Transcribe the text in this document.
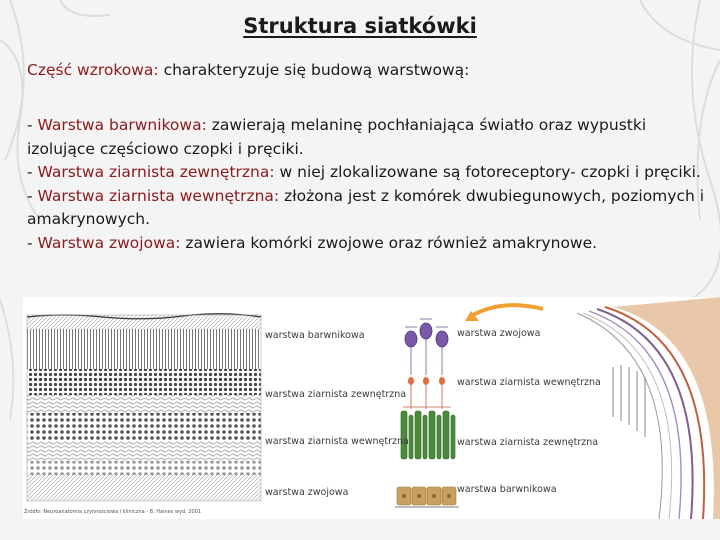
Struktura siatkówki
Część wzrokowa: charakteryzuje się budową warstwową:

- Warstwa barwnikowa: zawierają melaninę pochłaniająca światło oraz wypustki izolujące częściowo czopki i pręciki.

- Warstwa ziarnista zewnętrzna: w niej zlokalizowane są fotoreceptory- czopki i pręciki.

- Warstwa ziarnista wewnętrzna: złożona jest z komórek dwubiegunowych, poziomych i amakrynowych.

- Warstwa zwojowa: zawiera komórki zwojowe oraz również amakrynowe.

warstwa barwnikowa
warstwa ziarnista zewnętrzna
warstwa ziarnista wewnętrzna
warstwa zwojowa
warstwa zwojowa
warstwa ziarnista wewnętrzna
warstwa ziarnista zewnętrzna
warstwa barwnikowa
Źródło: Neuroanatomia czynnościowa i kliniczna - B. Haines wyd. 2001
